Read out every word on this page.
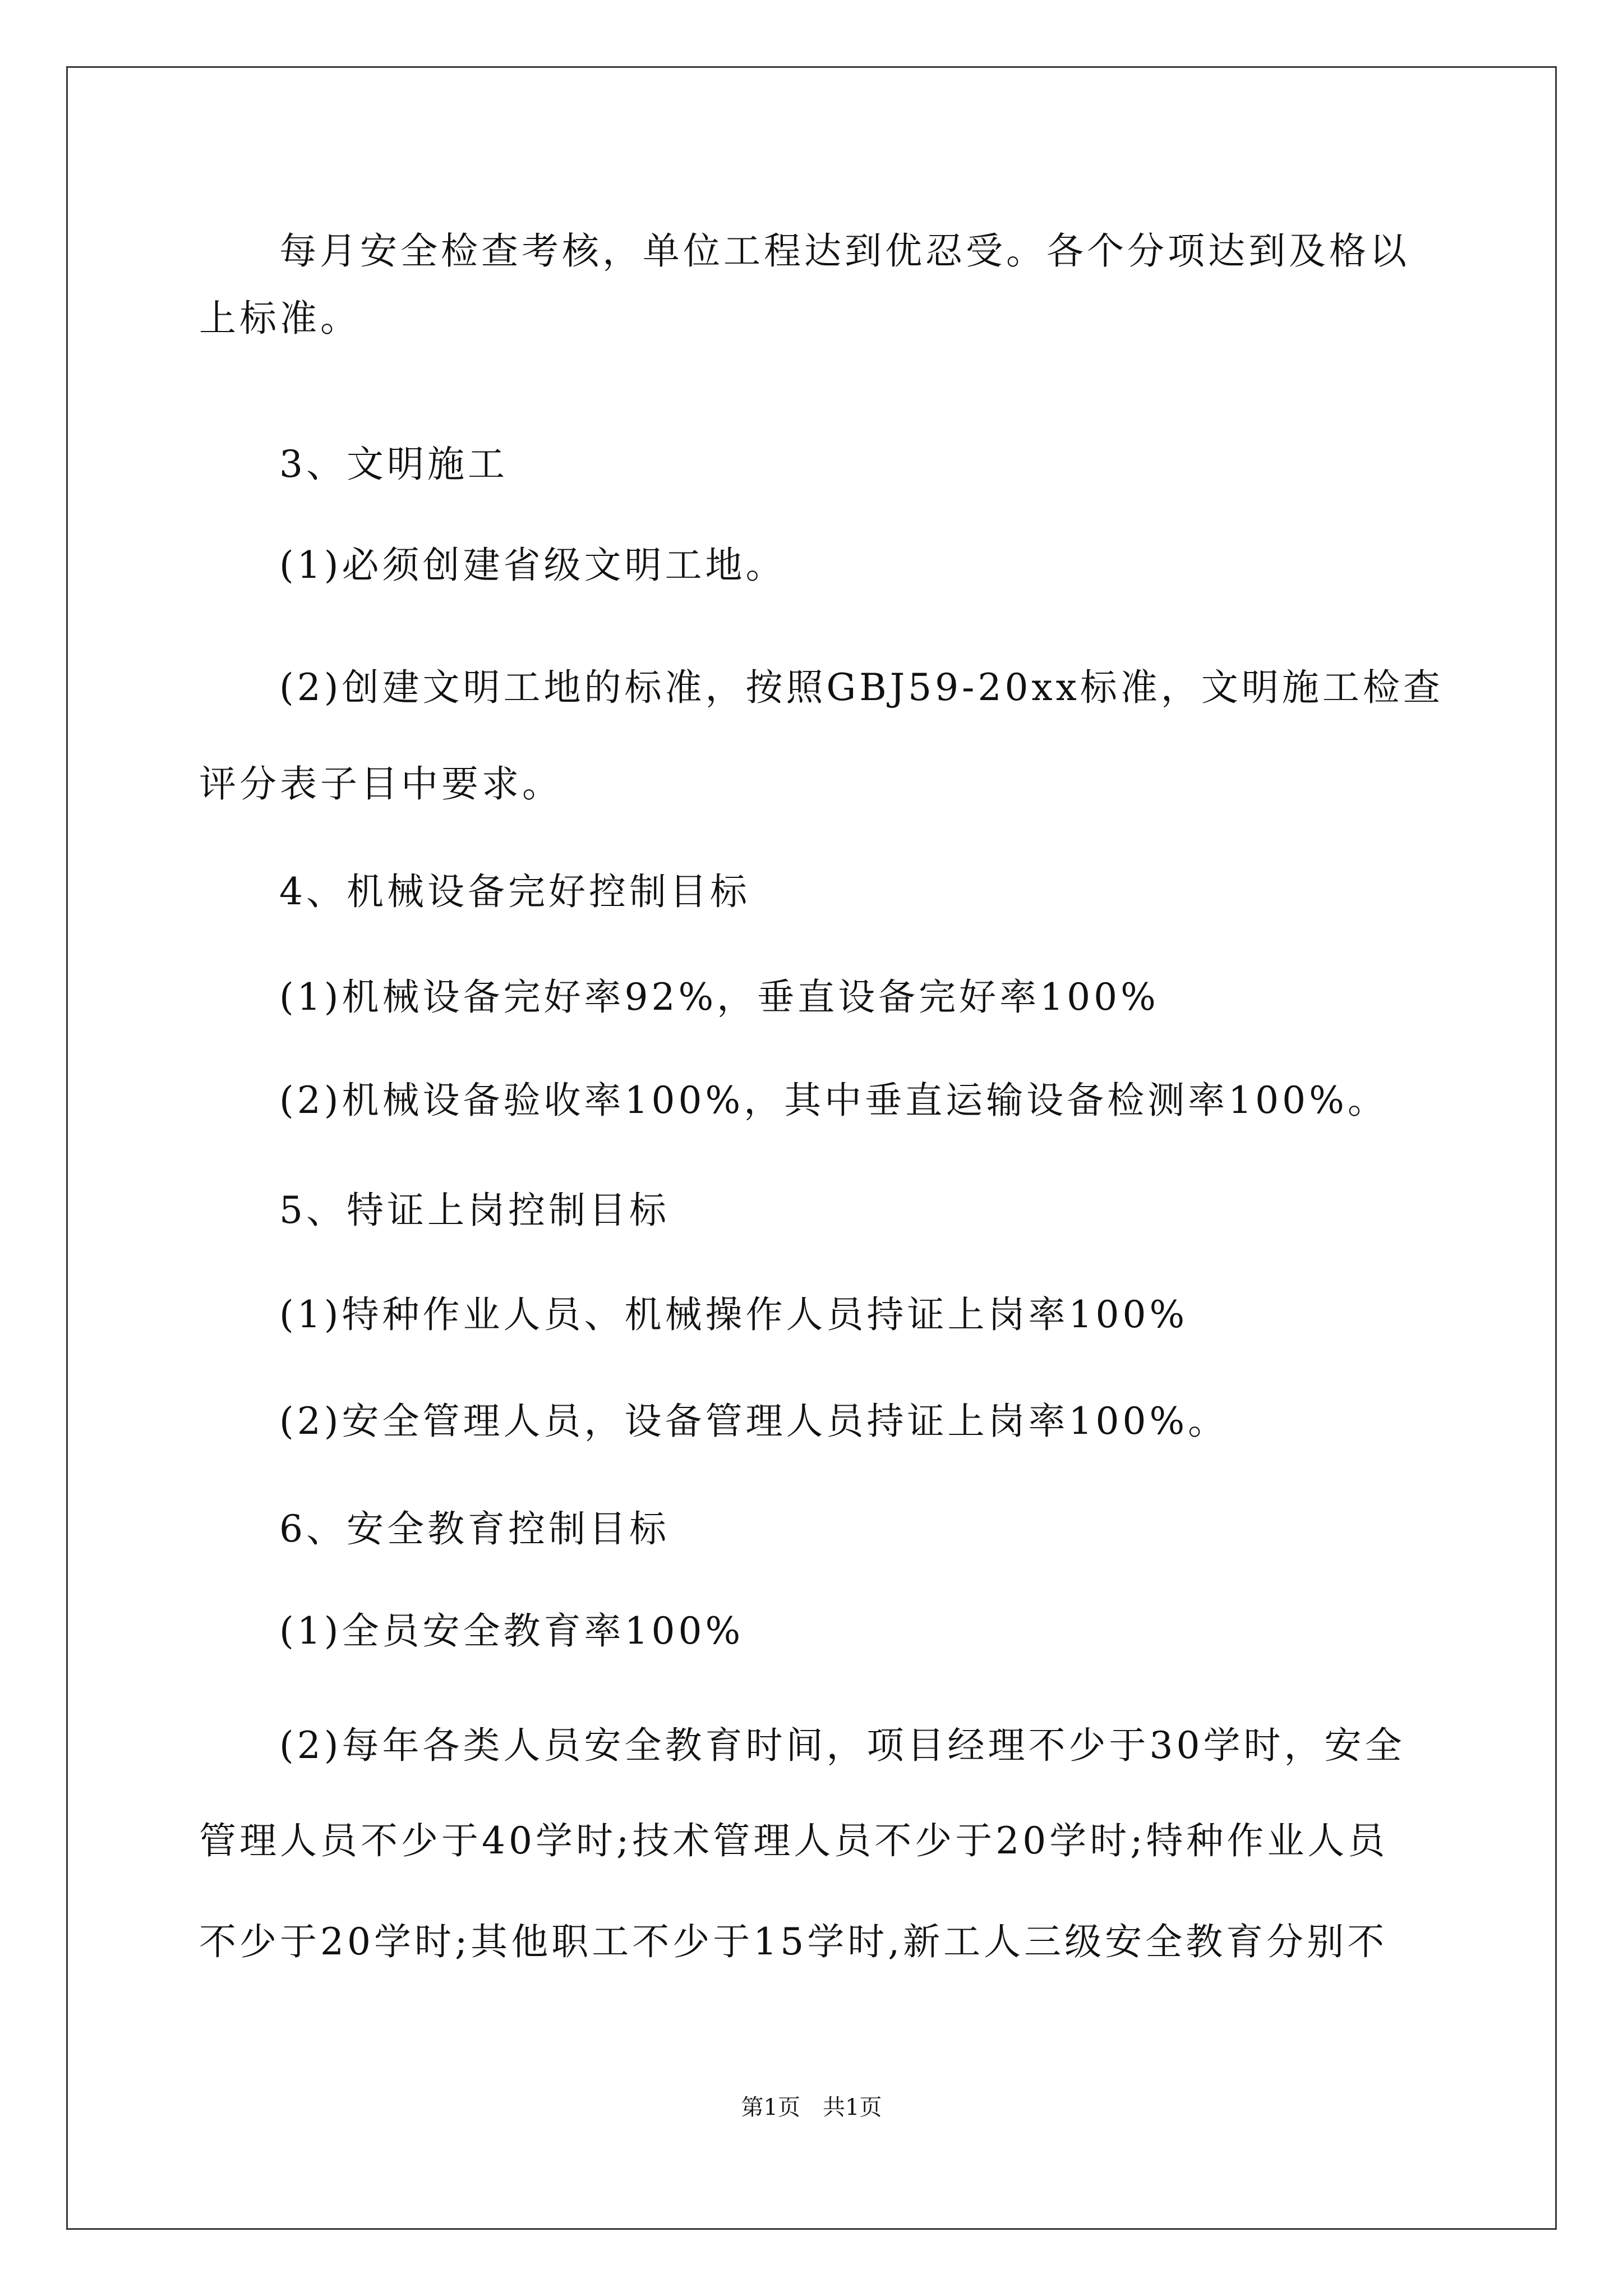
每月安全检查考核，单位工程达到优忍受。各个分项达到及格以
上标准。
3、文明施工
(1)必须创建省级文明工地。
(2)创建文明工地的标准，按照GBJ59-20xx标准，文明施工检查
评分表子目中要求。
4、机械设备完好控制目标
(1)机械设备完好率92%，垂直设备完好率100%
(2)机械设备验收率100%，其中垂直运输设备检测率100%。
5、特证上岗控制目标
(1)特种作业人员、机械操作人员持证上岗率100%
(2)安全管理人员，设备管理人员持证上岗率100%。
6、安全教育控制目标
(1)全员安全教育率100%
(2)每年各类人员安全教育时间，项目经理不少于30学时，安全
管理人员不少于40学时;技术管理人员不少于20学时;特种作业人员
不少于20学时;其他职工不少于15学时,新工人三级安全教育分别不
第1页　共1页
